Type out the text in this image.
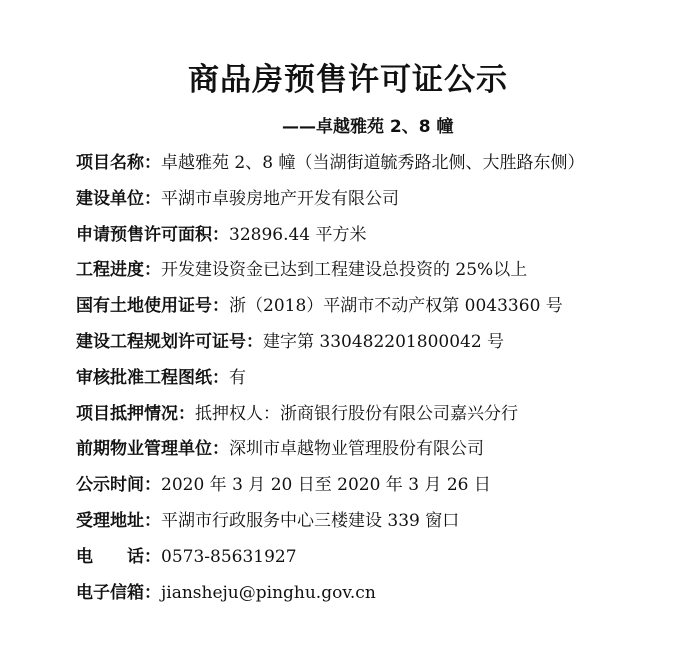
商品房预售许可证公示
——卓越雅苑 2、8 幢
项目名称：卓越雅苑 2、8 幢（当湖街道毓秀路北侧、大胜路东侧）
建设单位：平湖市卓骏房地产开发有限公司
申请预售许可面积：32896.44 平方米
工程进度：开发建设资金已达到工程建设总投资的 25%以上
国有土地使用证号：浙（2018）平湖市不动产权第 0043360 号
建设工程规划许可证号：建字第 330482201800042 号
审核批准工程图纸：有
项目抵押情况：抵押权人：浙商银行股份有限公司嘉兴分行
前期物业管理单位：深圳市卓越物业管理股份有限公司
公示时间：2020 年 3 月 20 日至 2020 年 3 月 26 日
受理地址：平湖市行政服务中心三楼建设 339 窗口
电　　话：0573-85631927
电子信箱：jiansheju@pinghu.gov.cn
